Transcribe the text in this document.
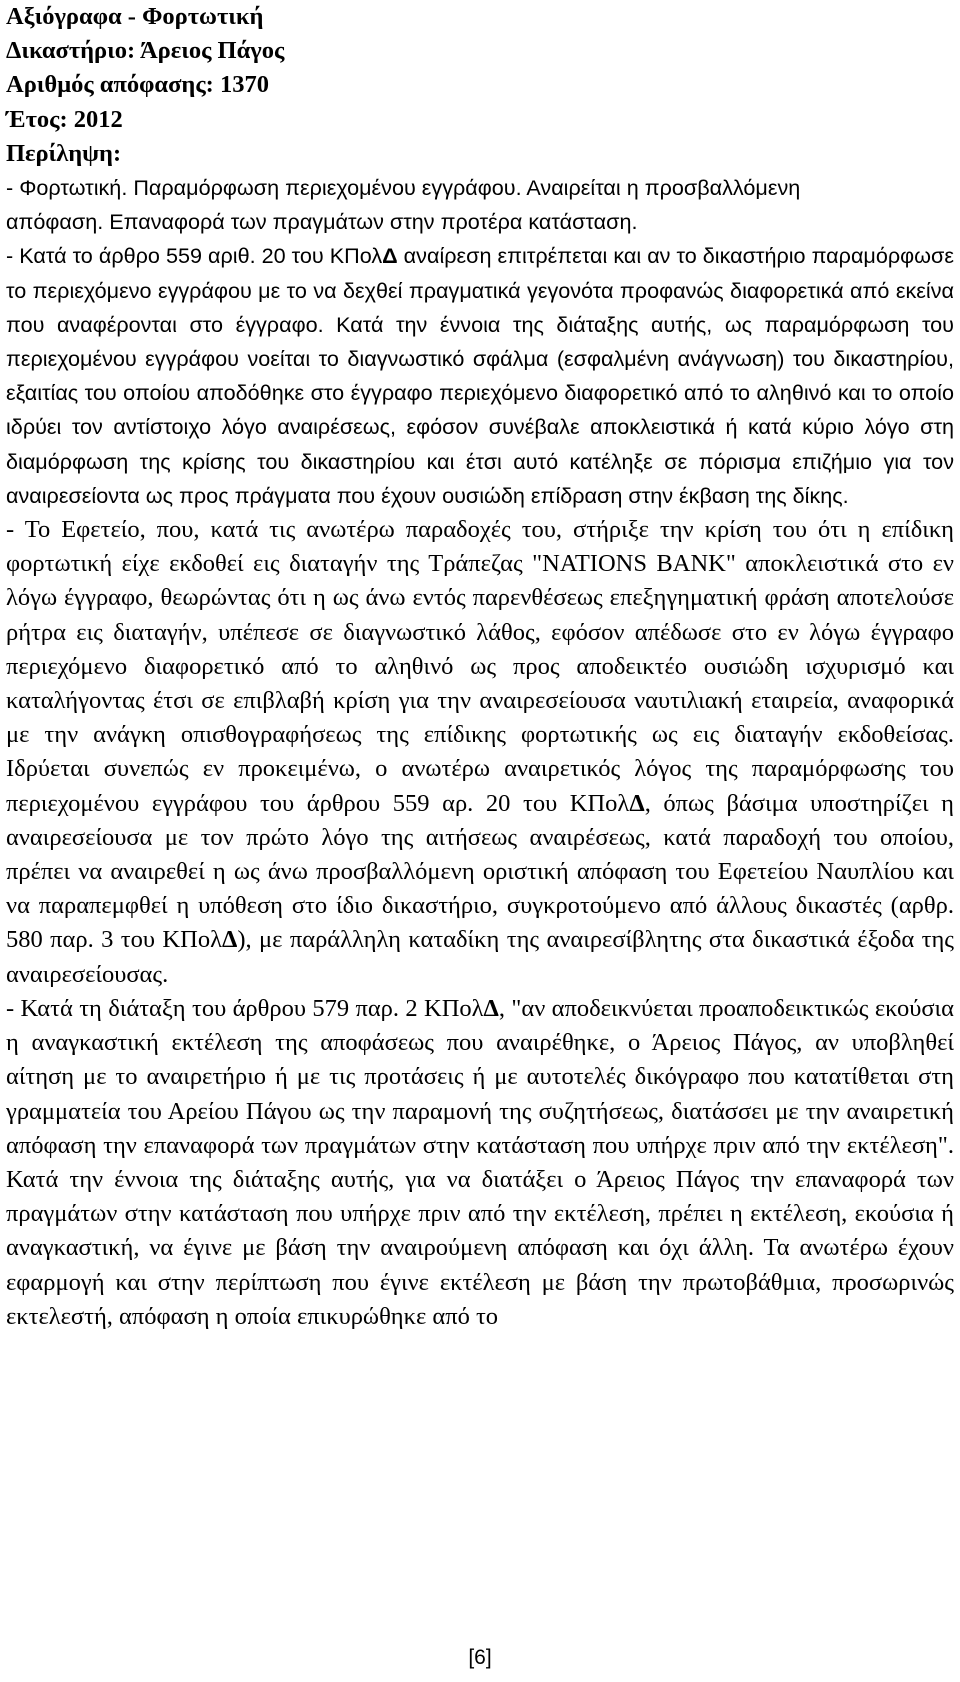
Αξιόγραφα - Φορτωτική
Δικαστήριο: Άρειος Πάγος
Αριθμός απόφασης: 1370
Έτος: 2012
Περίληψη:
- Φορτωτική. Παραμόρφωση περιεχομένου εγγράφου. Αναιρείται η προσβαλλόμενη
απόφαση. Επαναφορά των πραγμάτων στην προτέρα κατάσταση.
- Κατά το άρθρο 559 αριθ. 20 του ΚΠολΔ αναίρεση επιτρέπεται και αν το δικαστήριο παραμόρφωσε το περιεχόμενο εγγράφου με το να δεχθεί πραγματικά γεγονότα προφανώς διαφορετικά από εκείνα που αναφέρονται στο έγγραφο. Κατά την έννοια της διάταξης αυτής, ως παραμόρφωση του περιεχομένου εγγράφου νοείται το διαγνωστικό σφάλμα (εσφαλμένη ανάγνωση) του δικαστηρίου, εξαιτίας του οποίου αποδόθηκε στο έγγραφο περιεχόμενο διαφορετικό από το αληθινό και το οποίο ιδρύει τον αντίστοιχο λόγο αναιρέσεως, εφόσον συνέβαλε αποκλειστικά ή κατά κύριο λόγο στη διαμόρφωση της κρίσης του δικαστηρίου και έτσι αυτό κατέληξε σε πόρισμα επιζήμιο για τον αναιρεσείοντα ως προς πράγματα που έχουν ουσιώδη επίδραση στην έκβαση της δίκης.
- Το Εφετείο, που, κατά τις ανωτέρω παραδοχές του, στήριξε την κρίση του ότι η επίδικη φορτωτική είχε εκδοθεί εις διαταγήν της Τράπεζας "NATIONS BANK" αποκλειστικά στο εν λόγω έγγραφο, θεωρώντας ότι η ως άνω εντός παρενθέσεως επεξηγηματική φράση αποτελούσε ρήτρα εις διαταγήν, υπέπεσε σε διαγνωστικό λάθος, εφόσον απέδωσε στο εν λόγω έγγραφο περιεχόμενο διαφορετικό από το αληθινό ως προς αποδεικτέο ουσιώδη ισχυρισμό και καταλήγοντας έτσι σε επιβλαβή κρίση για την αναιρεσείουσα ναυτιλιακή εταιρεία, αναφορικά με την ανάγκη οπισθογραφήσεως της επίδικης φορτωτικής ως εις διαταγήν εκδοθείσας. Ιδρύεται συνεπώς εν προκειμένω, ο ανωτέρω αναιρετικός λόγος της παραμόρφωσης του περιεχομένου εγγράφου του άρθρου 559 αρ. 20 του ΚΠολΔ, όπως βάσιμα υποστηρίζει η αναιρεσείουσα με τον πρώτο λόγο της αιτήσεως αναιρέσεως, κατά παραδοχή του οποίου, πρέπει να αναιρεθεί η ως άνω προσβαλλόμενη οριστική απόφαση του Εφετείου Ναυπλίου και να παραπεμφθεί η υπόθεση στο ίδιο δικαστήριο, συγκροτούμενο από άλλους δικαστές (αρθρ. 580 παρ. 3 του ΚΠολΔ), με παράλληλη καταδίκη της αναιρεσίβλητης στα δικαστικά έξοδα της αναιρεσείουσας.
- Κατά τη διάταξη του άρθρου 579 παρ. 2 ΚΠολΔ, "αν αποδεικνύεται προαποδεικτικώς εκούσια η αναγκαστική εκτέλεση της αποφάσεως που αναιρέθηκε, ο Άρειος Πάγος, αν υποβληθεί αίτηση με το αναιρετήριο ή με τις προτάσεις ή με αυτοτελές δικόγραφο που κατατίθεται στη γραμματεία του Αρείου Πάγου ως την παραμονή της συζητήσεως, διατάσσει με την αναιρετική απόφαση την επαναφορά των πραγμάτων στην κατάσταση που υπήρχε πριν από την εκτέλεση". Κατά την έννοια της διάταξης αυτής, για να διατάξει ο Άρειος Πάγος την επαναφορά των πραγμάτων στην κατάσταση που υπήρχε πριν από την εκτέλεση, πρέπει η εκτέλεση, εκούσια ή αναγκαστική, να έγινε με βάση την αναιρούμενη απόφαση και όχι άλλη. Τα ανωτέρω έχουν εφαρμογή και στην περίπτωση που έγινε εκτέλεση με βάση την πρωτοβάθμια, προσωρινώς εκτελεστή, απόφαση η οποία επικυρώθηκε από το
[6]
